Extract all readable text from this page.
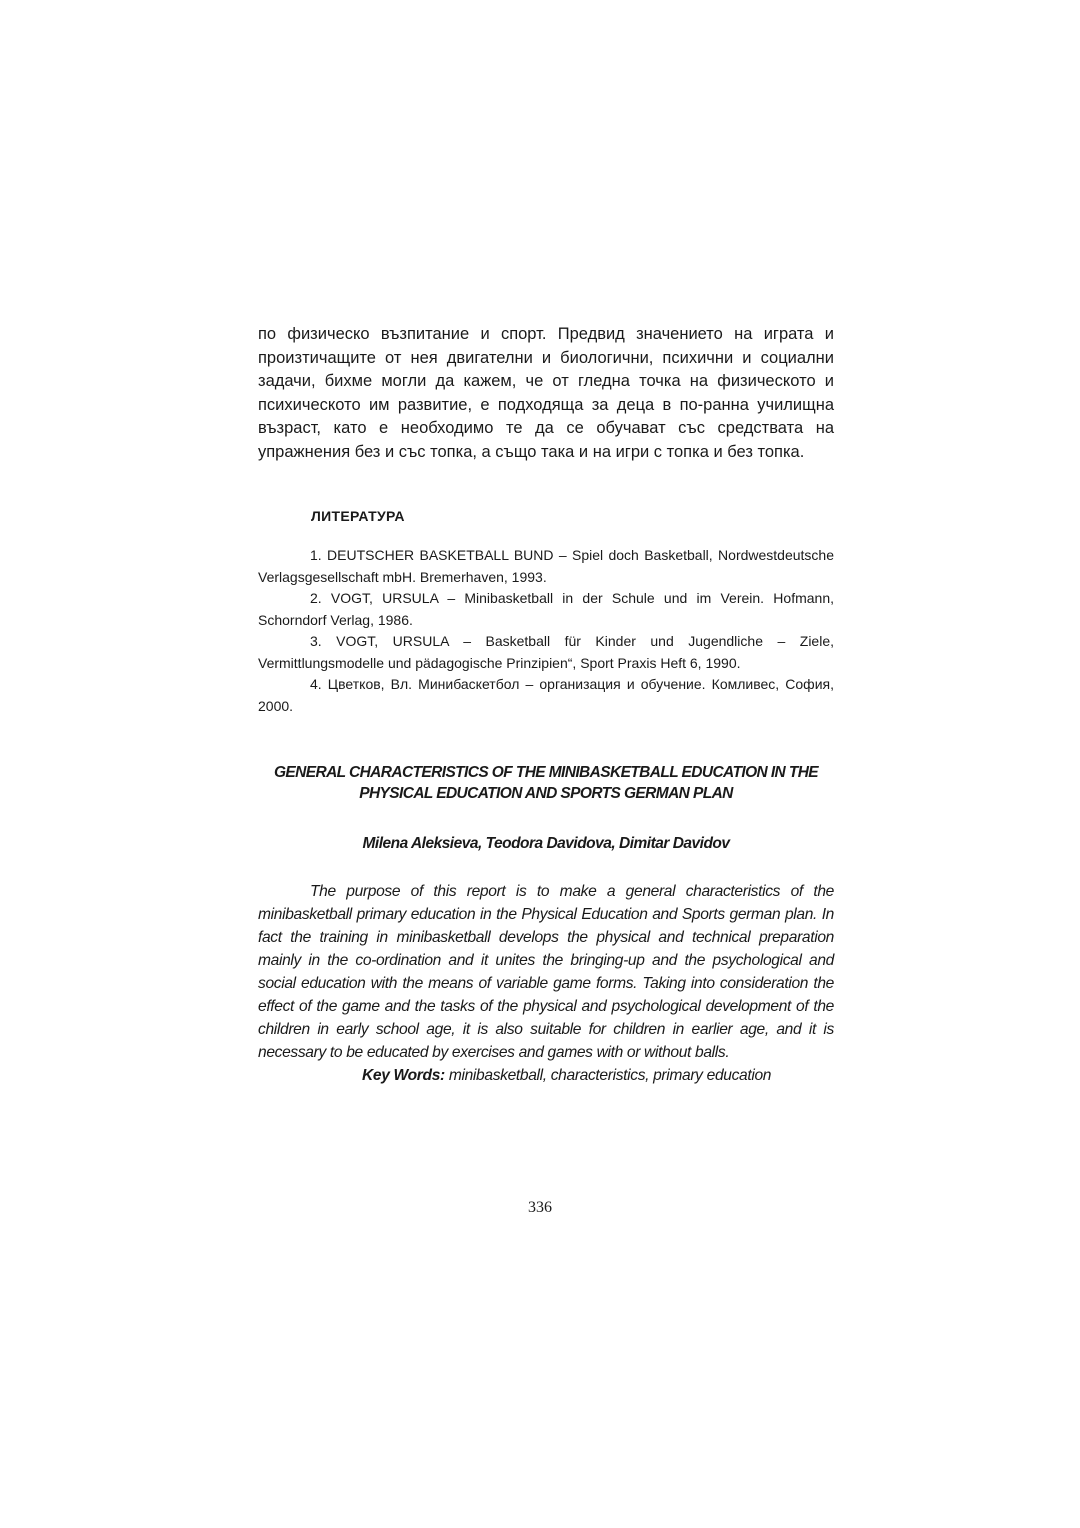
по физическо възпитание и спорт. Предвид значението на играта и произтичащите от нея двигателни и биологични, психични и социални задачи, бихме могли да кажем, че от гледна точка на физическото и психическото им развитие, е подходяща за деца в по-ранна училищна възраст, като е необходимо те да се обучават със средствата на упражнения без и със топка, а също така и на игри с топка и без топка.

ЛИТЕРАТУРА
1. DEUTSCHER BASKETBALL BUND – Spiel doch Basketball, Nordwestdeutsche Verlagsgesellschaft mbH. Bremerhaven, 1993.
2. VOGT, URSULA – Minibasketball in der Schule und im Verein. Hofmann, Schorndorf Verlag, 1986.
3. VOGT, URSULA – Basketball für Kinder und Jugendliche – Ziele, Vermittlungsmodelle und pädagogische Prinzipien“, Sport Praxis Heft 6, 1990.
4. Цветков, Вл. Минибаскетбол – организация и обучение. Комливес, София, 2000.
GENERAL CHARACTERISTICS OF THE MINIBASKETBALL EDUCATION IN THE PHYSICAL EDUCATION AND SPORTS GERMAN PLAN

Milena Aleksieva, Teodora Davidova, Dimitar Davidov

The purpose of this report is to make a general characteristics of the minibasketball primary education in the Physical Education and Sports german plan. In fact the training in minibasketball develops the physical and technical preparation mainly in the co-ordination and it unites the bringing-up and the psychological and social education with the means of variable game forms. Taking into consideration the effect of the game and the tasks of the physical and psychological development of the children in early school age, it is also suitable for children in earlier age, and it is necessary to be educated by exercises and games with or without balls.

Key Words: minibasketball, characteristics, primary education

336
